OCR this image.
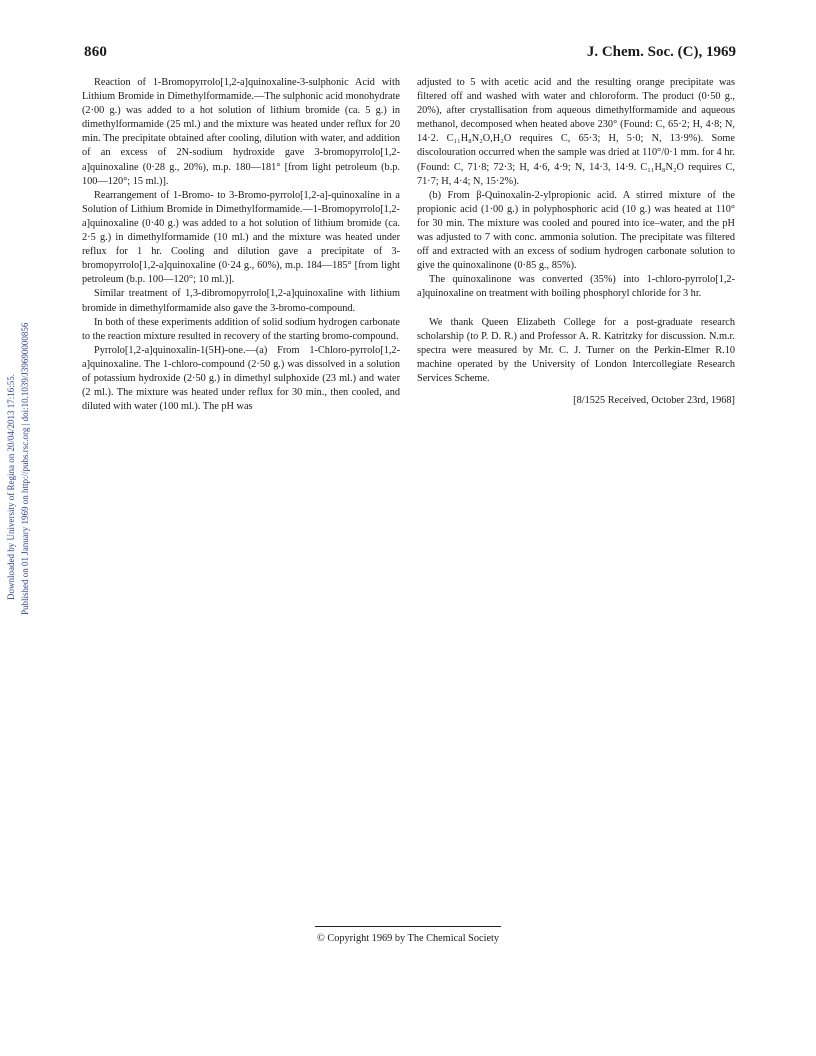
860	J. Chem. Soc. (C), 1969
Downloaded by University of Regina on 20/04/2013 17:16:55. Published on 01 January 1969 on http://pubs.rsc.org | doi:10.1039/J39690000856

Reaction of 1-Bromopyrrolo[1,2-a]quinoxaline-3-sulphonic Acid with Lithium Bromide in Dimethylformamide.—The sulphonic acid monohydrate (2·00 g.) was added to a hot solution of lithium bromide (ca. 5 g.) in dimethylformamide (25 ml.) and the mixture was heated under reflux for 20 min. The precipitate obtained after cooling, dilution with water, and addition of an excess of 2N-sodium hydroxide gave 3-bromopyrrolo[1,2-a]quinoxaline (0·28 g., 20%), m.p. 180—181° [from light petroleum (b.p. 100—120°; 15 ml.)].

Rearrangement of 1-Bromo- to 3-Bromo-pyrrolo[1,2-a]-quinoxaline in a Solution of Lithium Bromide in Dimethylformamide.—1-Bromopyrrolo[1,2-a]quinoxaline (0·40 g.) was added to a hot solution of lithium bromide (ca. 2·5 g.) in dimethylformamide (10 ml.) and the mixture was heated under reflux for 1 hr. Cooling and dilution gave a precipitate of 3-bromopyrrolo[1,2-a]quinoxaline (0·24 g., 60%), m.p. 184—185° [from light petroleum (b.p. 100—120°; 10 ml.)].

Similar treatment of 1,3-dibromopyrrolo[1,2-a]quinoxaline with lithium bromide in dimethylformamide also gave the 3-bromo-compound.

In both of these experiments addition of solid sodium hydrogen carbonate to the reaction mixture resulted in recovery of the starting bromo-compound.

Pyrrolo[1,2-a]quinoxalin-1(5H)-one.—(a) From 1-Chloro-pyrrolo[1,2-a]quinoxaline. The 1-chloro-compound (2·50 g.) was dissolved in a solution of potassium hydroxide (2·50 g.) in dimethyl sulphoxide (23 ml.) and water (2 ml.). The mixture was heated under reflux for 30 min., then cooled, and diluted with water (100 ml.). The pH was

adjusted to 5 with acetic acid and the resulting orange precipitate was filtered off and washed with water and chloroform. The product (0·50 g., 20%), after crystallisation from aqueous dimethylformamide and aqueous methanol, decomposed when heated above 230° (Found: C, 65·2; H, 4·8; N, 14·2. C₁₁H₈N₂O,H₂O requires C, 65·3; H, 5·0; N, 13·9%). Some discolouration occurred when the sample was dried at 110°/0·1 mm. for 4 hr. (Found: C, 71·8; 72·3; H, 4·6, 4·9; N, 14·3, 14·9. C₁₁H₈N₂O requires C, 71·7; H, 4·4; N, 15·2%).

(b) From β-Quinoxalin-2-ylpropionic acid. A stirred mixture of the propionic acid (1·00 g.) in polyphosphoric acid (10 g.) was heated at 110° for 30 min. The mixture was cooled and poured into ice–water, and the pH was adjusted to 7 with conc. ammonia solution. The precipitate was filtered off and extracted with an excess of sodium hydrogen carbonate solution to give the quinoxalinone (0·85 g., 85%).

The quinoxalinone was converted (35%) into 1-chloro-pyrrolo[1,2-a]quinoxaline on treatment with boiling phosphoryl chloride for 3 hr.

We thank Queen Elizabeth College for a post-graduate research scholarship (to P. D. R.) and Professor A. R. Katritzky for discussion. N.m.r. spectra were measured by Mr. C. J. Turner on the Perkin-Elmer R.10 machine operated by the University of London Intercollegiate Research Services Scheme.

[8/1525 Received, October 23rd, 1968]

© Copyright 1969 by The Chemical Society
